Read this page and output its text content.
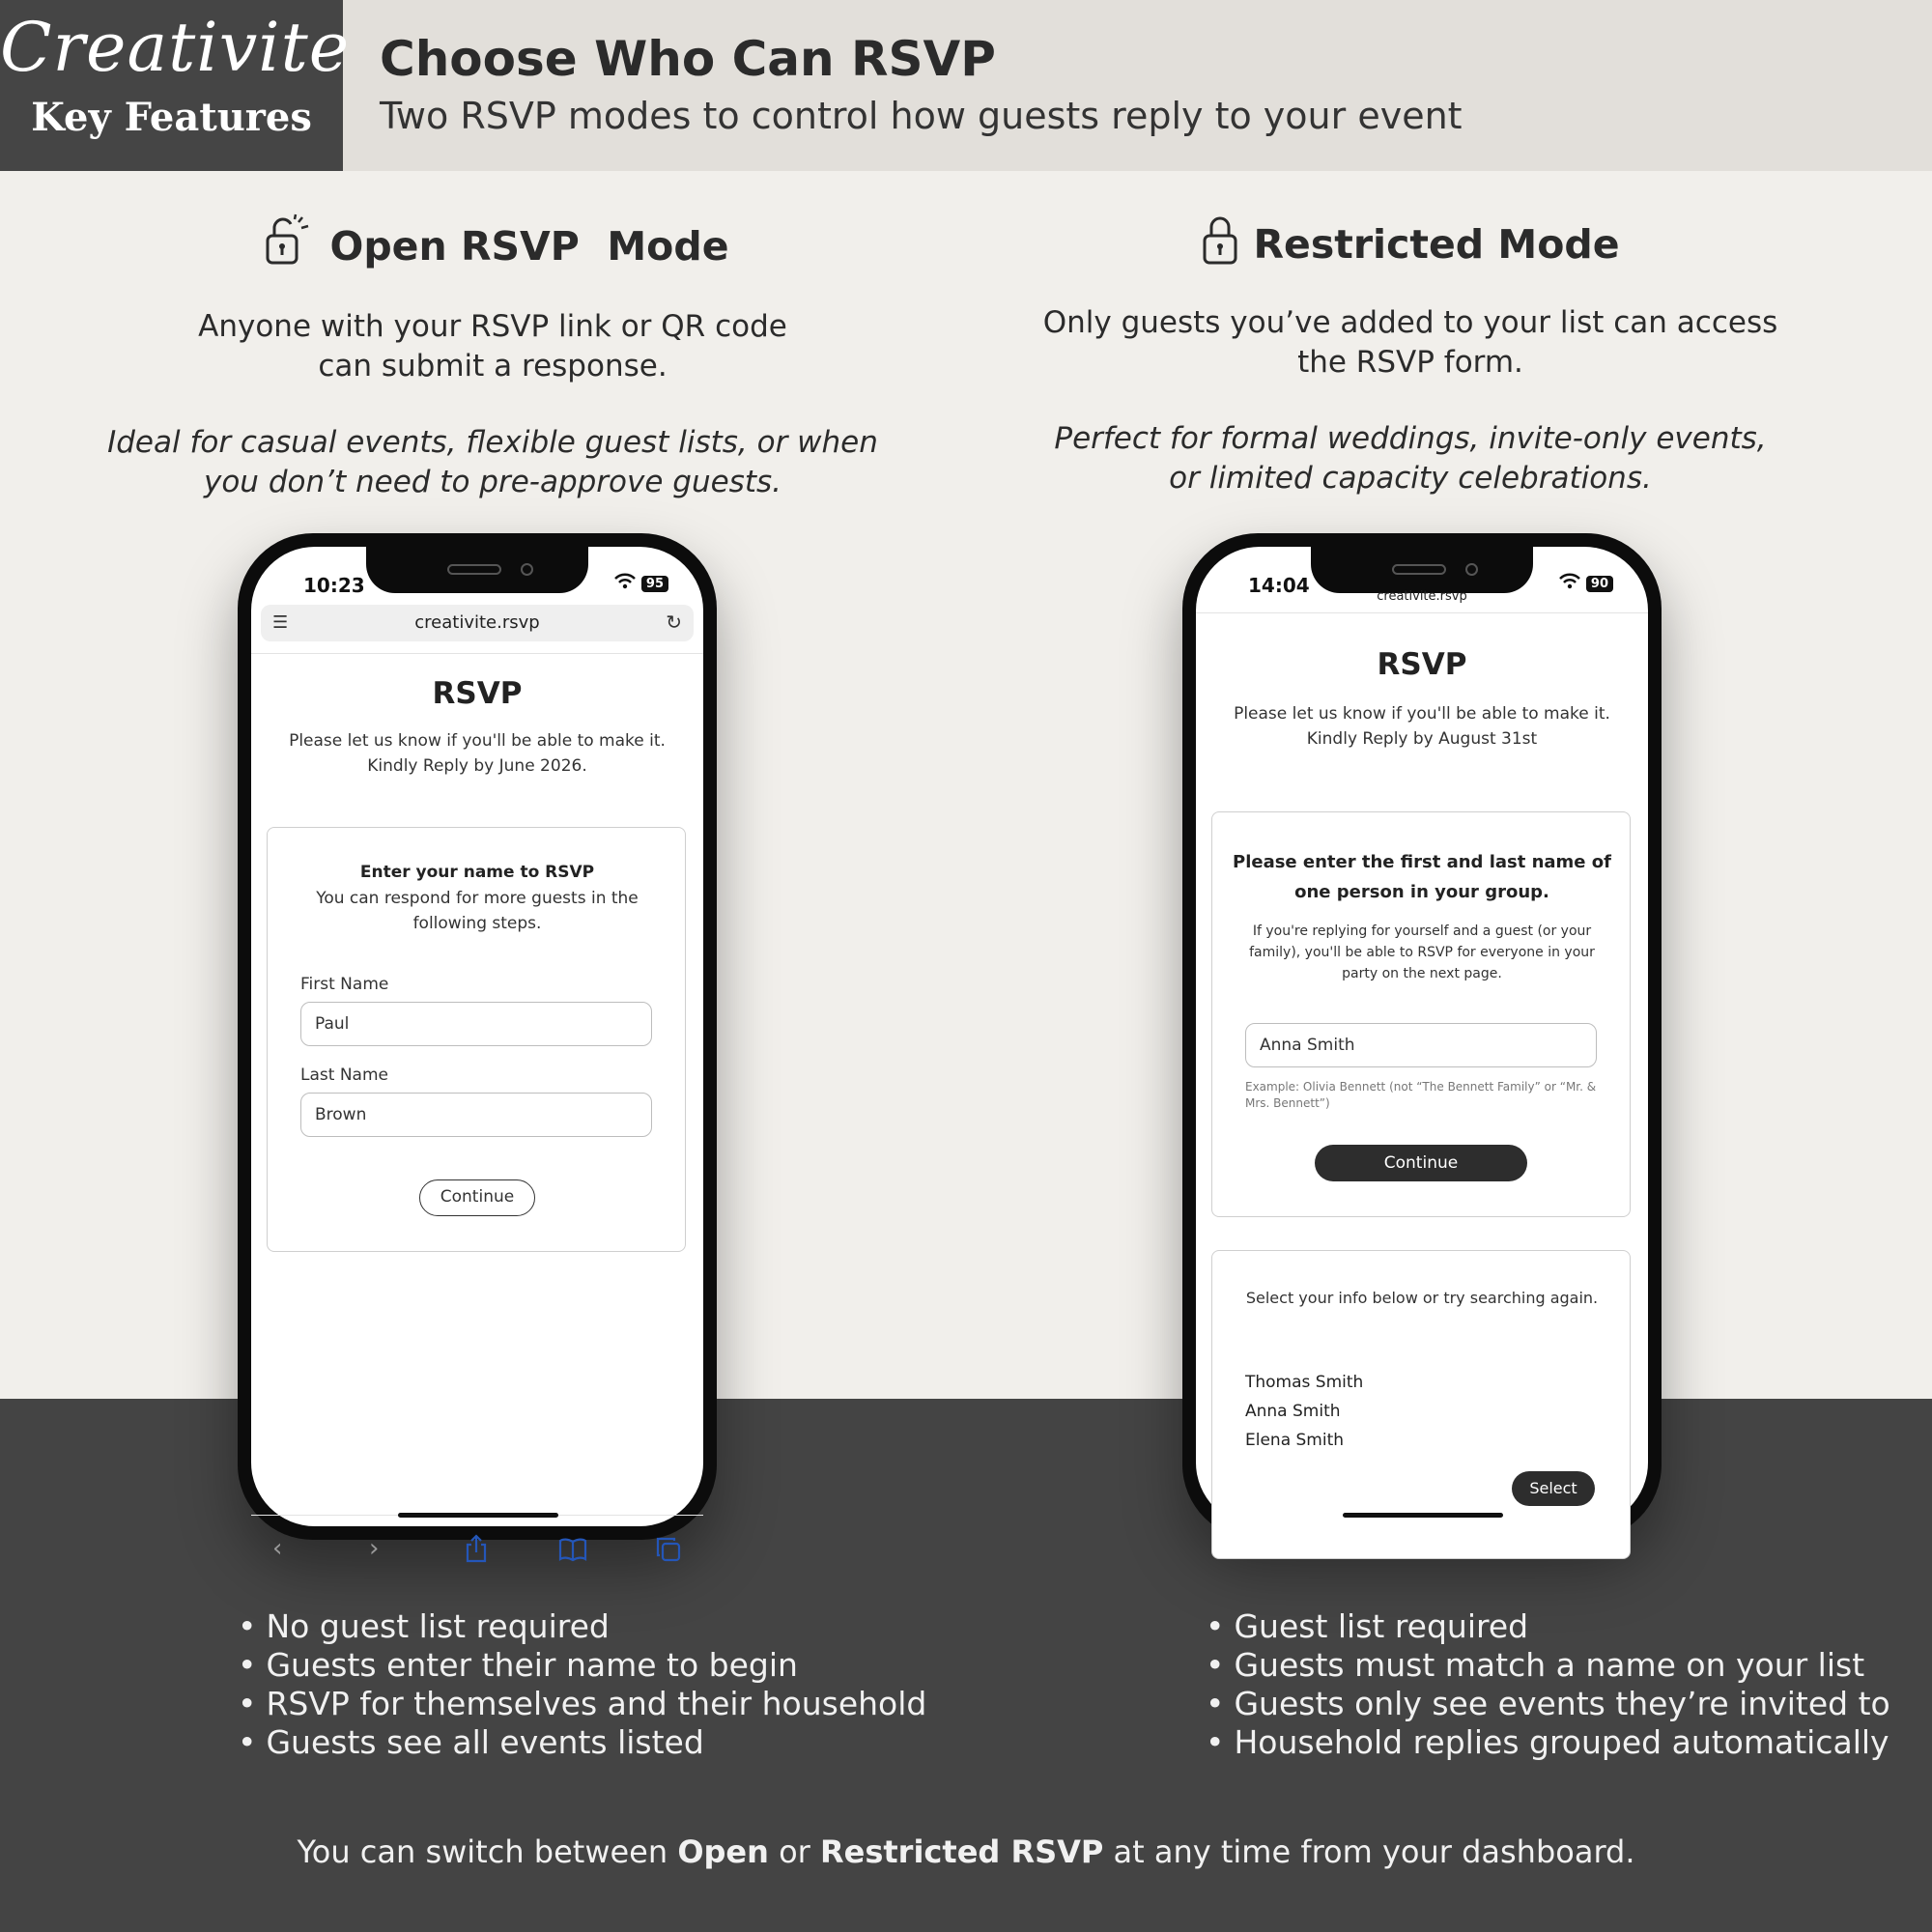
Creativite
Key Features
Choose Who Can RSVP
Two RSVP modes to control how guests reply to your event
Open RSVP  Mode
Anyone with your RSVP link or QR code
can submit a response.
Ideal for casual events, flexible guest lists, or when
you don’t need to pre-approve guests.
Restricted Mode
Only guests you’ve added to your list can access
the RSVP form.
Perfect for formal weddings, invite-only events,
or limited capacity celebrations.
10:23	95
☰	creativite.rsvp	↻
RSVP
Please let us know if you'll be able to make it.
Kindly Reply by June 2026.
Enter your name to RSVP
You can respond for more guests in the
following steps.
First Name
Paul
Last Name
Brown
Continue
‹	›
14:04	90
creativite.rsvp
RSVP
Please let us know if you'll be able to make it.
Kindly Reply by August 31st
Please enter the first and last name of
one person in your group.
If you're replying for yourself and a guest (or your
family), you'll be able to RSVP for everyone in your
party on the next page.
Anna Smith
Example: Olivia Bennett (not “The Bennett Family” or “Mr. &
Mrs. Bennett”)
Continue
Select your info below or try searching again.
Thomas Smith
Anna Smith
Elena Smith
Select
• No guest list required
• Guests enter their name to begin
• RSVP for themselves and their household
• Guests see all events listed
• Guest list required
• Guests must match a name on your list
• Guests only see events they’re invited to
• Household replies grouped automatically
You can switch between Open or Restricted RSVP at any time from your dashboard.
